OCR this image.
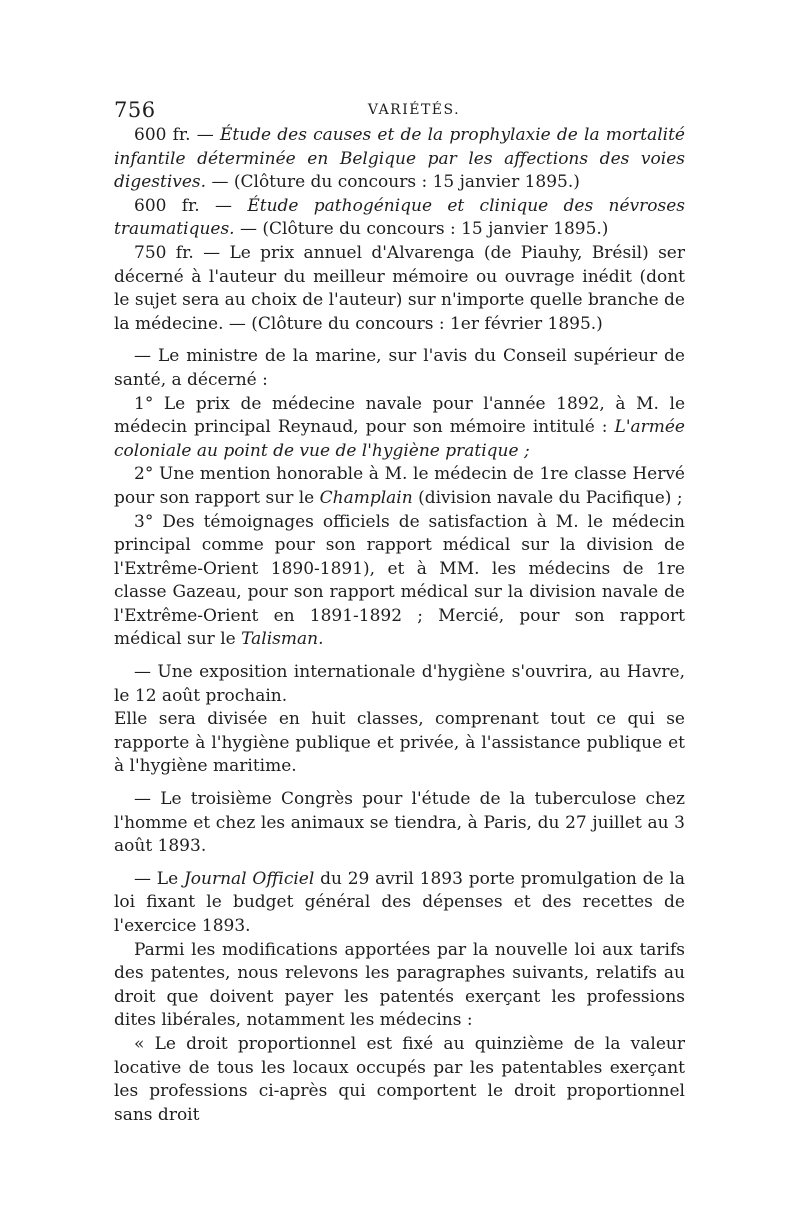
756	VARIÉTÉS.

600 fr. — Étude des causes et de la prophylaxie de la mortalité infantile déterminée en Belgique par les affections des voies digestives. — (Clôture du concours : 15 janvier 1895.)

600 fr. — Étude pathogénique et clinique des névroses traumatiques. — (Clôture du concours : 15 janvier 1895.)

750 fr. — Le prix annuel d'Alvarenga (de Piauhy, Brésil) ser décerné à l'auteur du meilleur mémoire ou ouvrage inédit (dont le sujet sera au choix de l'auteur) sur n'importe quelle branche de la médecine. — (Clôture du concours : 1er février 1895.)

— Le ministre de la marine, sur l'avis du Conseil supérieur de santé, a décerné :

1° Le prix de médecine navale pour l'année 1892, à M. le médecin principal Reynaud, pour son mémoire intitulé : L'armée coloniale au point de vue de l'hygiène pratique ;

2° Une mention honorable à M. le médecin de 1re classe Hervé pour son rapport sur le Champlain (division navale du Pacifique) ;

3° Des témoignages officiels de satisfaction à M. le médecin principal comme pour son rapport médical sur la division de l'Extrême-Orient 1890-1891), et à MM. les médecins de 1re classe Gazeau, pour son rapport médical sur la division navale de l'Extrême-Orient en 1891-1892 ; Mercié, pour son rapport médical sur le Talisman.

— Une exposition internationale d'hygiène s'ouvrira, au Havre, le 12 août prochain.

Elle sera divisée en huit classes, comprenant tout ce qui se rapporte à l'hygiène publique et privée, à l'assistance publique et à l'hygiène maritime.

— Le troisième Congrès pour l'étude de la tuberculose chez l'homme et chez les animaux se tiendra, à Paris, du 27 juillet au 3 août 1893.

— Le Journal Officiel du 29 avril 1893 porte promulgation de la loi fixant le budget général des dépenses et des recettes de l'exercice 1893.

Parmi les modifications apportées par la nouvelle loi aux tarifs des patentes, nous relevons les paragraphes suivants, relatifs au droit que doivent payer les patentés exerçant les professions dites libérales, notamment les médecins :

« Le droit proportionnel est fixé au quinzième de la valeur locative de tous les locaux occupés par les patentables exerçant les professions ci-après qui comportent le droit proportionnel sans droit
